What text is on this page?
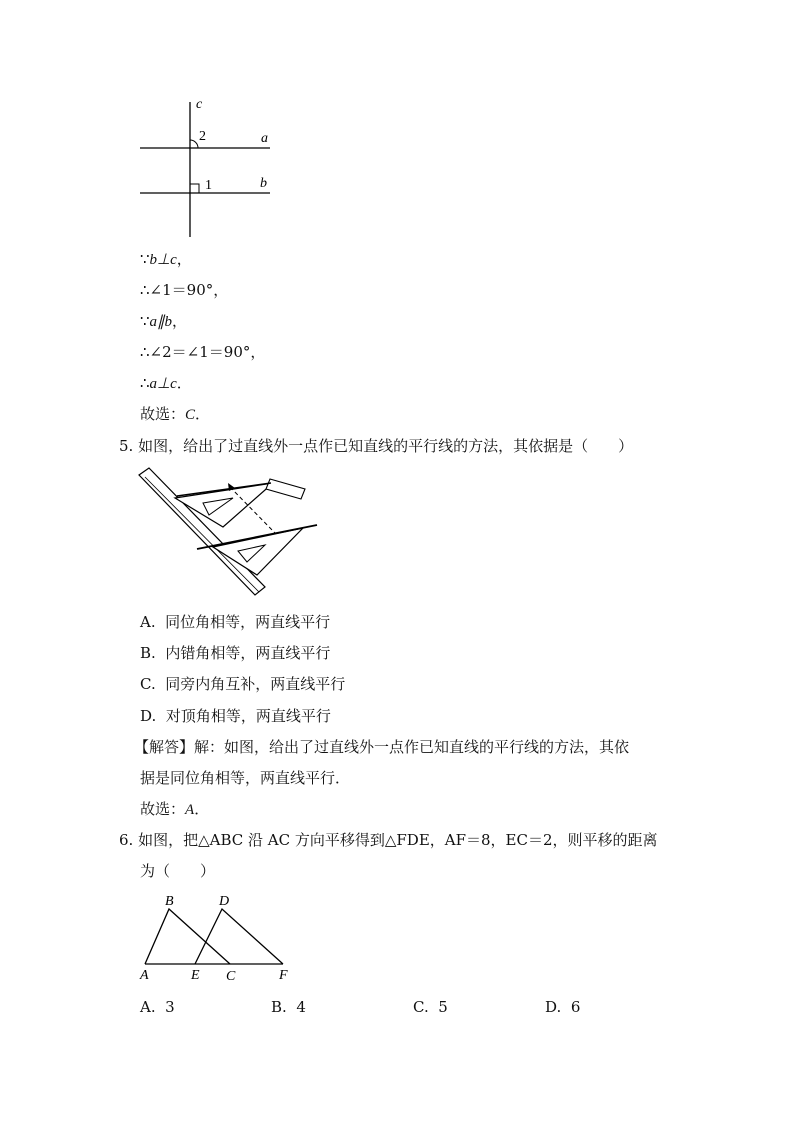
c
2	a
1	b
∵b⊥c，
∴∠1＝90°，
∵a∥b，
∴∠2＝∠1＝90°，
∴a⊥c．
故选：C．
5. 如图，给出了过直线外一点作已知直线的平行线的方法，其依据是（　　）
A. 同位角相等，两直线平行
B. 内错角相等，两直线平行
C. 同旁内角互补，两直线平行
D. 对顶角相等，两直线平行
【解答】解：如图，给出了过直线外一点作已知直线的平行线的方法，其依
据是同位角相等，两直线平行．
故选：A．
6. 如图，把△ABC 沿 AC 方向平移得到△FDE，AF＝8，EC＝2，则平移的距离
为（　　）
B	D
A	E C	F
A. 3	B. 4	C. 5	D. 6
